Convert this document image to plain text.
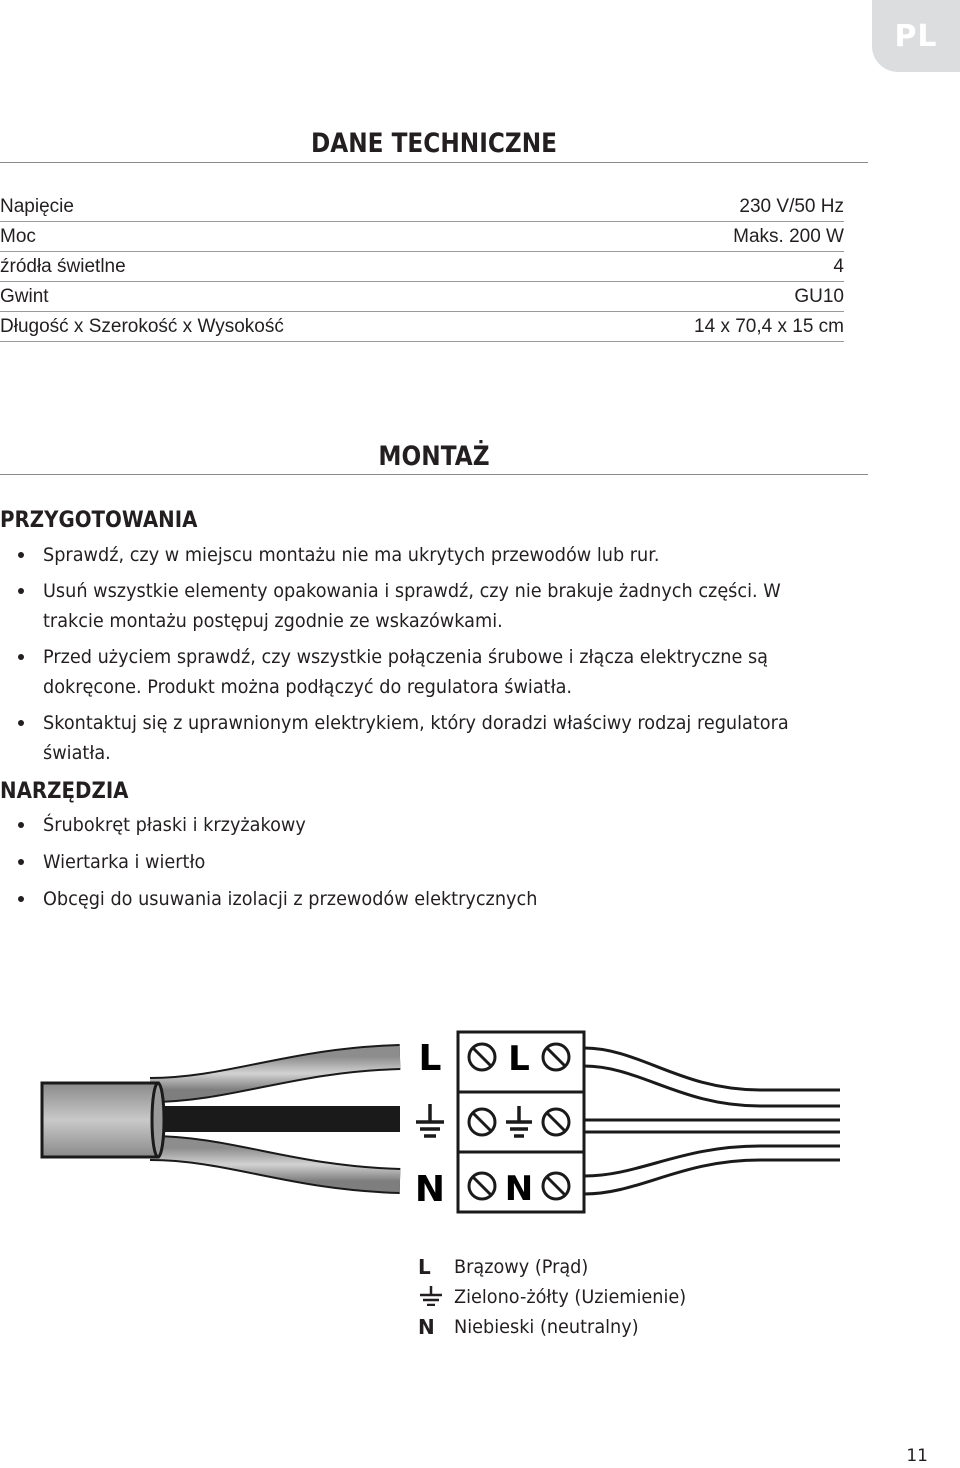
PL
DANE TECHNICZNE
Napięcie	230 V/50 Hz
Moc	Maks. 200 W
źródła świetlne	4
Gwint	GU10
Długość x Szerokość x Wysokość	14 x 70,4 x 15 cm
MONTAŻ
PRZYGOTOWANIA
Sprawdź, czy w miejscu montażu nie ma ukrytych przewodów lub rur.
Usuń wszystkie elementy opakowania i sprawdź, czy nie brakuje żadnych części. W trakcie montażu postępuj zgodnie ze wskazówkami.
Przed użyciem sprawdź, czy wszystkie połączenia śrubowe i złącza elektryczne są dokręcone. Produkt można podłączyć do regulatora światła.
Skontaktuj się z uprawnionym elektrykiem, który doradzi właściwy rodzaj regulatora światła.
NARZĘDZIA
Śrubokręt płaski i krzyżakowy
Wiertarka i wiertło
Obcęgi do usuwania izolacji z przewodów elektrycznych
L
N
L
N
L	Brązowy (Prąd)
Zielono-żółty (Uziemienie)
N	Niebieski (neutralny)
11
